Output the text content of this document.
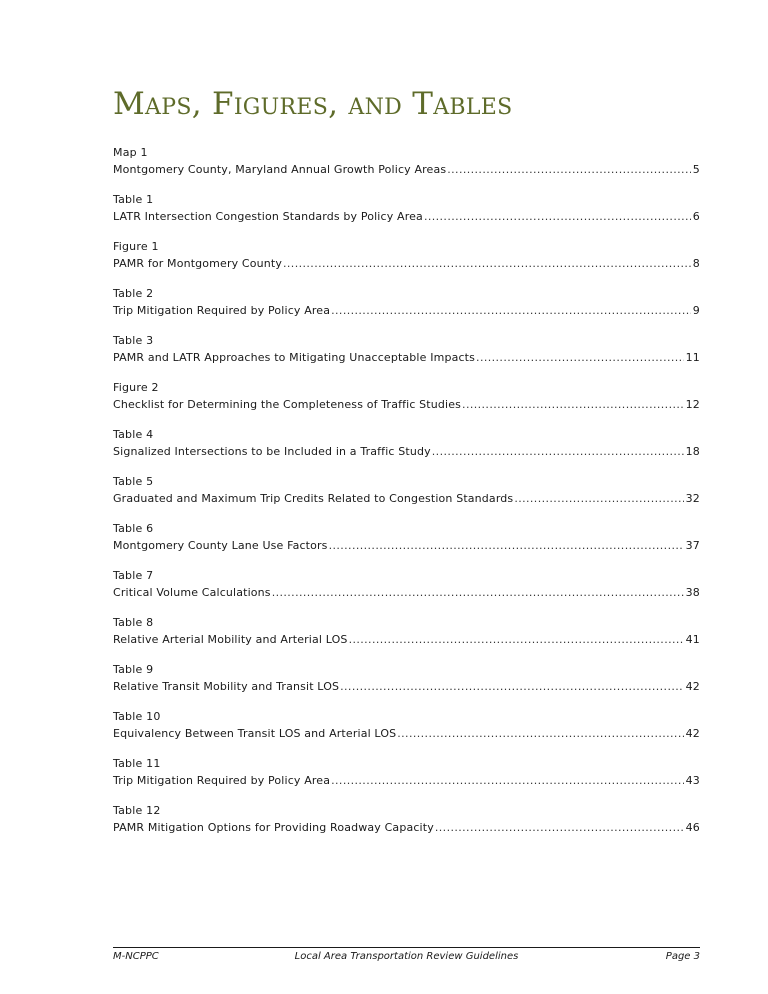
Maps, Figures, and Tables
Map 1
Montgomery County, Maryland Annual Growth Policy Areas .....	5
Table 1
LATR Intersection Congestion Standards by Policy Area .....	6
Figure 1
PAMR for Montgomery County .....	8
Table 2
Trip Mitigation Required by Policy Area .....	9
Table 3
PAMR and LATR Approaches to Mitigating Unacceptable Impacts .....	11
Figure 2
Checklist for Determining the Completeness of Traffic Studies .....	12
Table 4
Signalized Intersections to be Included in a Traffic Study .....	18
Table 5
Graduated and Maximum Trip Credits Related to Congestion Standards .....	32
Table 6
Montgomery County Lane Use Factors .....	37
Table 7
Critical Volume Calculations .....	38
Table 8
Relative Arterial Mobility and Arterial LOS .....	41
Table 9
Relative Transit Mobility and Transit LOS .....	42
Table 10
Equivalency Between Transit LOS and Arterial LOS .....	42
Table 11
Trip Mitigation Required by Policy Area .....	43
Table 12
PAMR Mitigation Options for Providing Roadway Capacity .....	46
M-NCPPC	Local Area Transportation Review Guidelines	Page 3
